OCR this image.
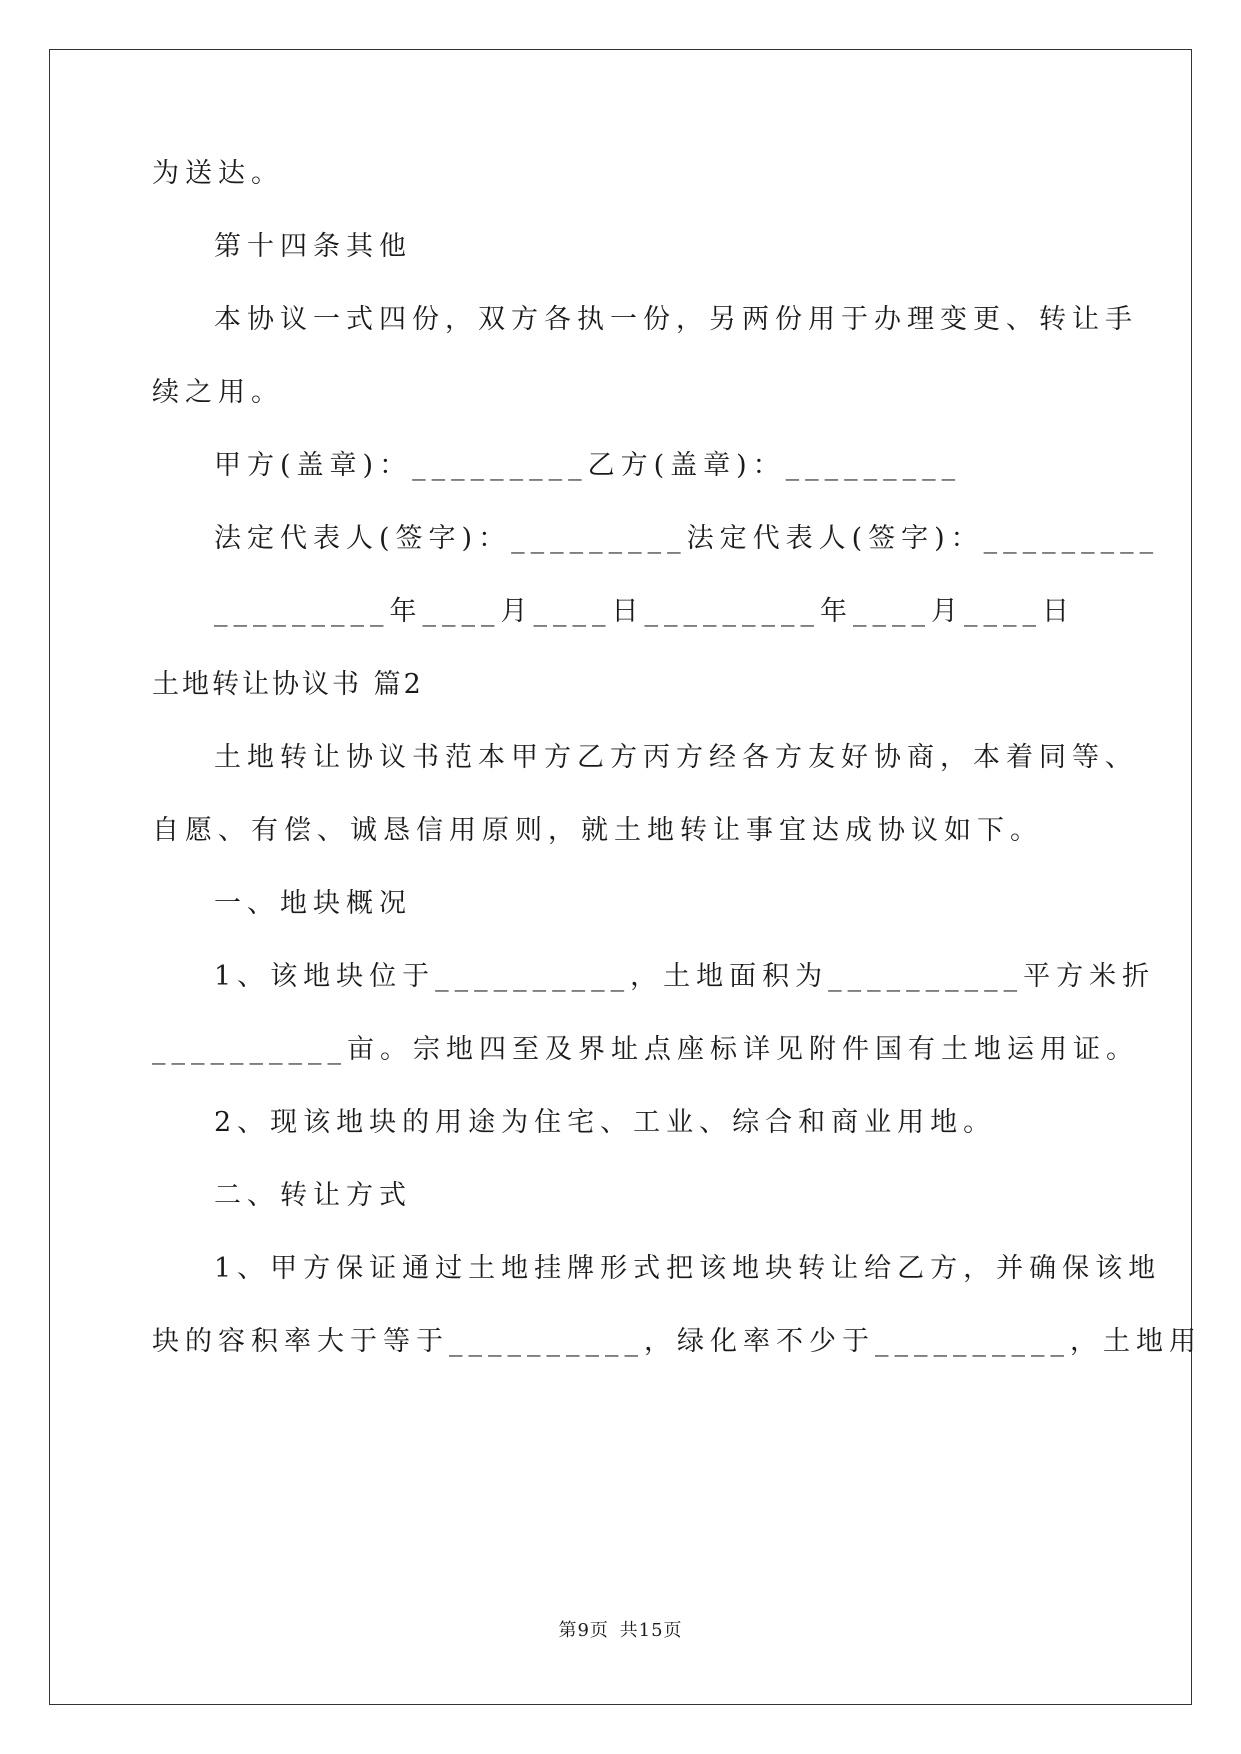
为送达。
第十四条其他
本协议一式四份，双方各执一份，另两份用于办理变更、转让手
续之用。
甲方(盖章)：_________乙方(盖章)：_________
法定代表人(签字)：_________法定代表人(签字)：_________
_________年____月____日_________年____月____日
土地转让协议书 篇2
土地转让协议书范本甲方乙方丙方经各方友好协商，本着同等、
自愿、有偿、诚恳信用原则，就土地转让事宜达成协议如下。
一、地块概况
1、该地块位于__________，土地面积为__________平方米折
__________亩。宗地四至及界址点座标详见附件国有土地运用证。
2、现该地块的用途为住宅、工业、综合和商业用地。
二、转让方式
1、甲方保证通过土地挂牌形式把该地块转让给乙方，并确保该地
块的容积率大于等于__________，绿化率不少于__________，土地用
第9页 共15页
